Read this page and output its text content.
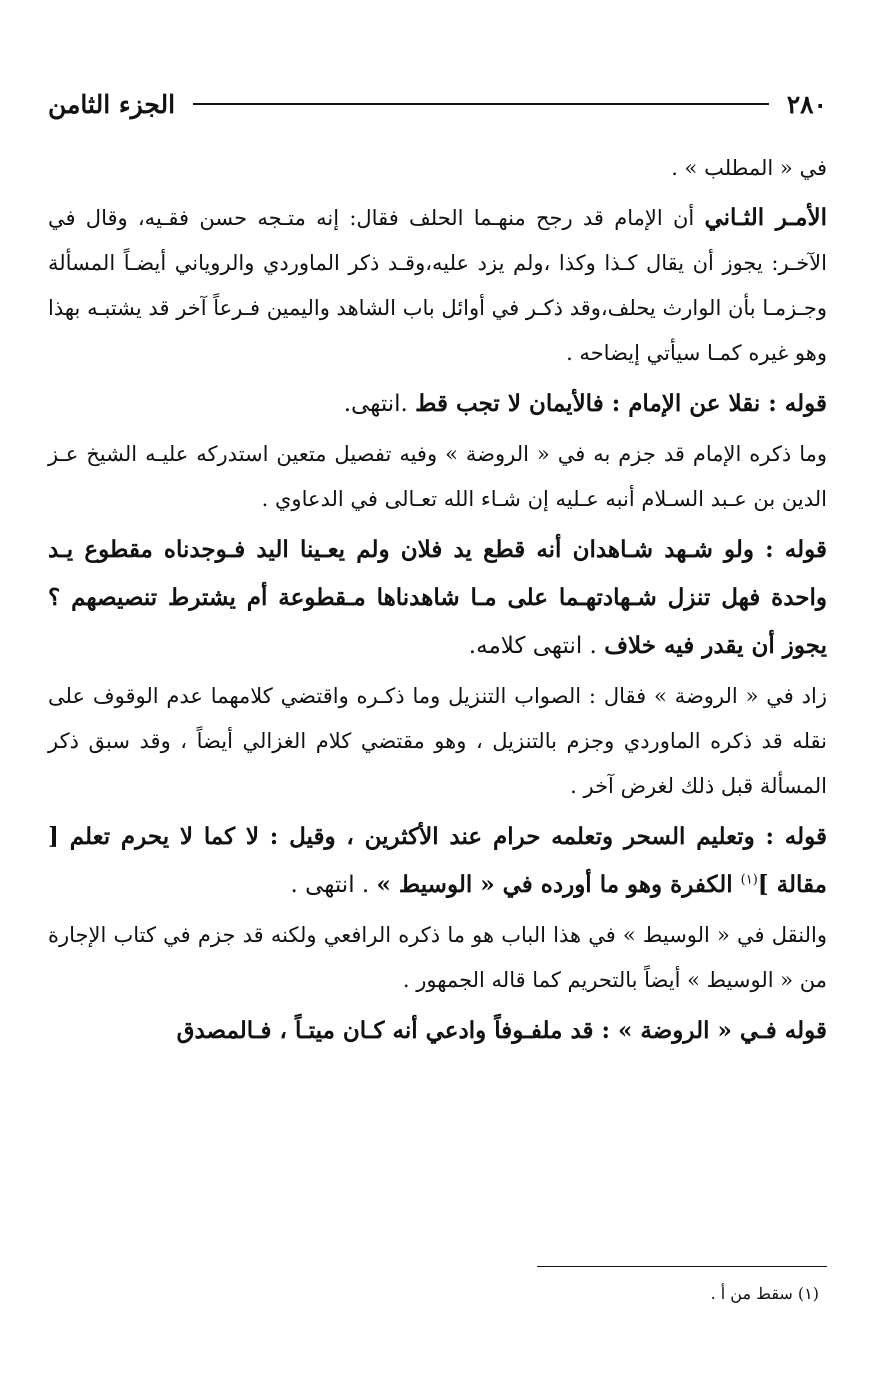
٢٨٠
الجزء الثامن

في « المطلب » .

الأمـر الثـاني أن الإمام قد رجح منهـما الحلف فقال: إنه متـجه حسن فقـيه، وقال في الآخـر: يجوز أن يقال كـذا وكذا ،ولم يزد عليه،وقـد ذكر الماوردي والروياني أيضـاً المسألة وجـزمـا بأن الوارث يحلف،وقد ذكـر في أوائل باب الشاهد واليمين فـرعاً آخر قد يشتبـه بهذا وهو غيره كمـا سيأتي إيضاحه .

قوله : نقلا عن الإمام : فالأيمان لا تجب قط .انتهى.

وما ذكره الإمام قد جزم به في « الروضة » وفيه تفصيل متعين استدركه عليـه الشيخ عـز الدين بن عـبد السـلام أنبه عـليه إن شـاء الله تعـالى في الدعاوي .

قوله : ولو شـهد شـاهدان أنه قطع يد فلان ولم يعـينا اليد فـوجدناه مقطوع يـد واحدة فهل تنزل شـهادتهـما على مـا شاهدناها مـقطوعة أم يشترط تنصيصهم ؟ يجوز أن يقدر فيه خلاف . انتهى كلامه.

زاد في « الروضة » فقال : الصواب التنزيل وما ذكـره واقتضي كلامهما عدم الوقوف على نقله قد ذكره الماوردي وجزم بالتنزيل ، وهو مقتضي كلام الغزالي أيضاً ، وقد سبق ذكر المسألة قبل ذلك لغرض آخر .

قوله : وتعليم السحر وتعلمه حرام عند الأكثرين ، وقيل : لا كما لا يحرم تعلم [ مقالة ]$^{(١)}$ الكفرة وهو ما أورده في « الوسيط » . انتهى .

والنقل في « الوسيط » في هذا الباب هو ما ذكره الرافعي ولكنه قد جزم في كتاب الإجارة من « الوسيط » أيضاً بالتحريم كما قاله الجمهور .

قوله فـي « الروضة » : قد ملفـوفاً وادعي أنه كـان ميتـاً ، فـالمصدق

(١) سقط من أ .
